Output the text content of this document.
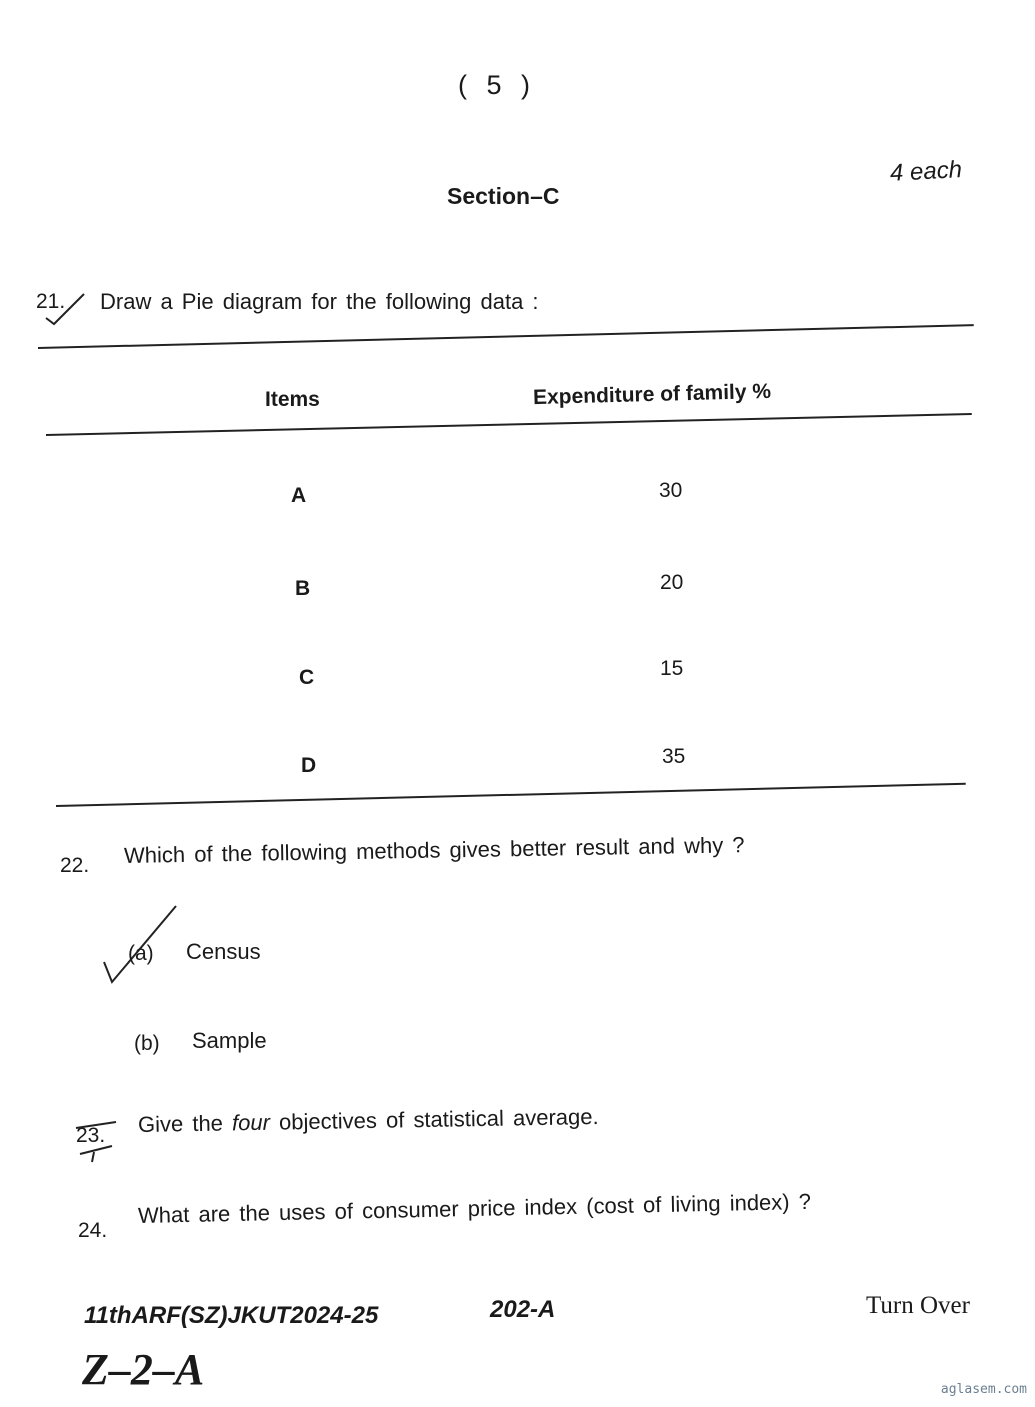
( 5 )
4 each
Section–C
21. Draw a Pie diagram for the following data :
Items	Expenditure of family %
A	30
B	20
C	15
D	35
22. Which of the following methods gives better result and why ?
(a) Census
(b) Sample
23. Give the four objectives of statistical average.
24.
What are the uses of consumer price index (cost of living index) ?
11thARF(SZ)JKUT2024-25	202-A	Turn Over
Z–2–A	aglasem.com
